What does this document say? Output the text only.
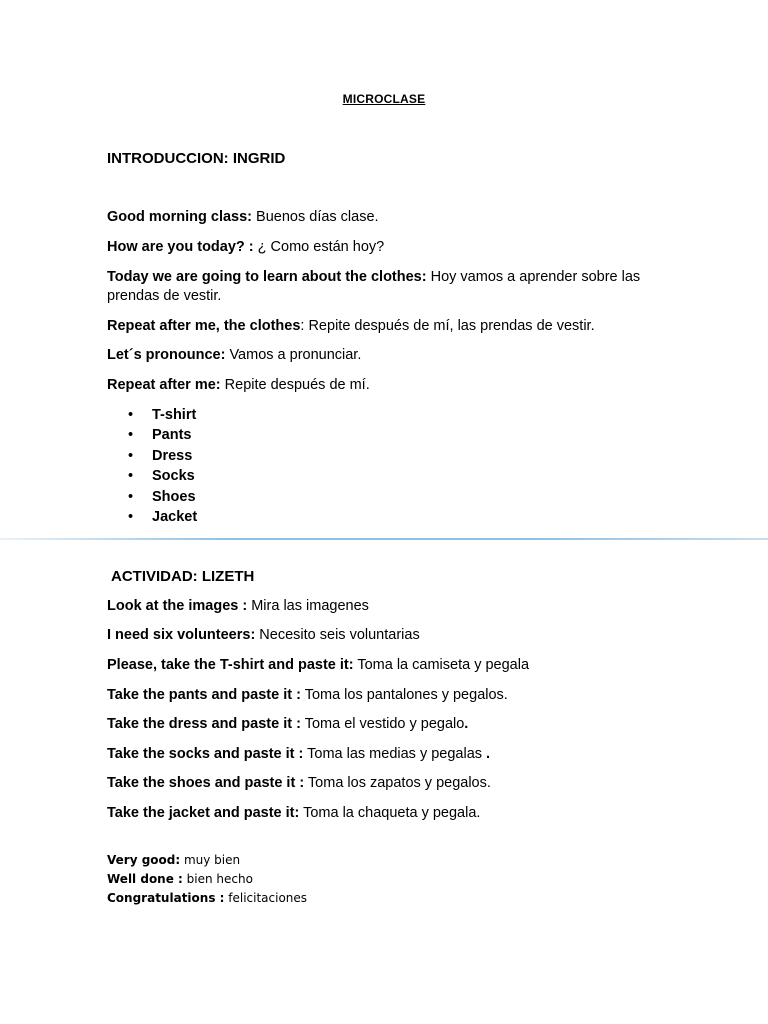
MICROCLASE
INTRODUCCION: INGRID
Good morning class: Buenos días clase.
How are you today? : ¿ Como están hoy?
Today we are going to learn about the clothes: Hoy vamos a aprender sobre las prendas de vestir.
Repeat after me, the clothes: Repite después de mí, las prendas de vestir.
Let´s pronounce: Vamos a pronunciar.
Repeat after me: Repite después de mí.
• T-shirt
• Pants
• Dress
• Socks
• Shoes
• Jacket
ACTIVIDAD: LIZETH
Look at the images : Mira las imagenes
I need six volunteers: Necesito seis voluntarias
Please, take the T-shirt and paste it: Toma la camiseta y pegala
Take the pants and paste it : Toma los pantalones y pegalos.
Take the dress and paste it : Toma el vestido y pegalo.
Take the socks and paste it : Toma las medias y pegalas .
Take the shoes and paste it : Toma los zapatos y pegalos.
Take the jacket and paste it: Toma la chaqueta y pegala.
Very good: muy bien
Well done : bien hecho
Congratulations : felicitaciones
